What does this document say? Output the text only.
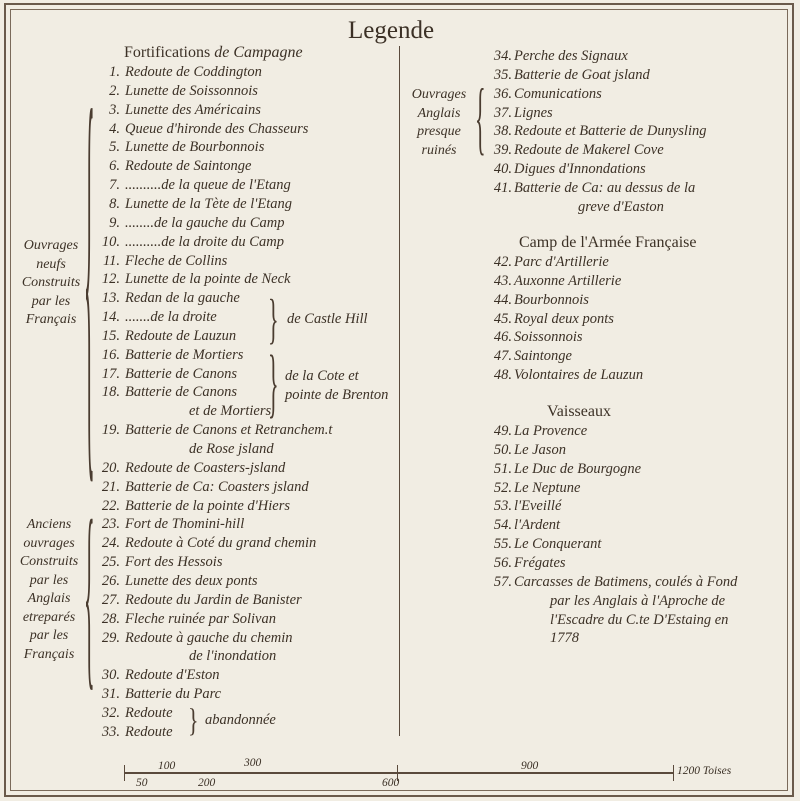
Legende
Fortifications de Campagne
Ouvrages
neufs
Construits
par les
Français
Anciens
ouvrages
Construits
par les
Anglais
etreparés
par les
Français
Ouvrages
Anglais
presque
ruinés
{
{
{
}
}
}
1. Redoute de Coddington
2. Lunette de Soissonnois
3. Lunette des Américains
4. Queue d'hironde des Chasseurs
5. Lunette de Bourbonnois
6. Redoute de Saintonge
7. ..........de la queue de l'Etang
8. Lunette de la Tète de l'Etang
9. ........de la gauche du Camp
10. ..........de la droite du Camp
11. Fleche de Collins
12. Lunette de la pointe de Neck
13. Redan de la gauche
14. .......de la droite
15. Redoute de Lauzun
16. Batterie de Mortiers
17. Batterie de Canons
18. Batterie de Canons
et de Mortiers
19. Batterie de Canons et Retranchem.t
de Rose jsland
20. Redoute de Coasters-jsland
21. Batterie de Ca: Coasters jsland
22. Batterie de la pointe d'Hiers
23. Fort de Thomini-hill
24. Redoute à Coté du grand chemin
25. Fort des Hessois
26. Lunette des deux ponts
27. Redoute du Jardin de Banister
28. Fleche ruinée par Solivan
29. Redoute à gauche du chemin
de l'inondation
30. Redoute d'Eston
31. Batterie du Parc
32. Redoute
33. Redoute
34. Perche des Signaux
35. Batterie de Goat jsland
36. Comunications
37. Lignes
38. Redoute et Batterie de Dunysling
39. Redoute de Makerel Cove
40. Digues d'Innondations
41. Batterie de Ca: au dessus de la
greve d'Easton
42. Parc d'Artillerie
43. Auxonne Artillerie
44. Bourbonnois
45. Royal deux ponts
46. Soissonnois
47. Saintonge
48. Volontaires de Lauzun
49. La Provence
50. Le Jason
51. Le Duc de Bourgogne
52. Le Neptune
53. l'Eveillé
54. l'Ardent
55. Le Conquerant
56. Frégates
57. Carcasses de Batimens, coulés à Fond
par les Anglais à l'Aproche de
l'Escadre du C.te D'Estaing en
1778
de Castle Hill
de la Cote et
pointe de Brenton
abandonnée
Camp de l'Armée Française
Vaisseaux
100	300	900
50	200	600
1200 Toises
